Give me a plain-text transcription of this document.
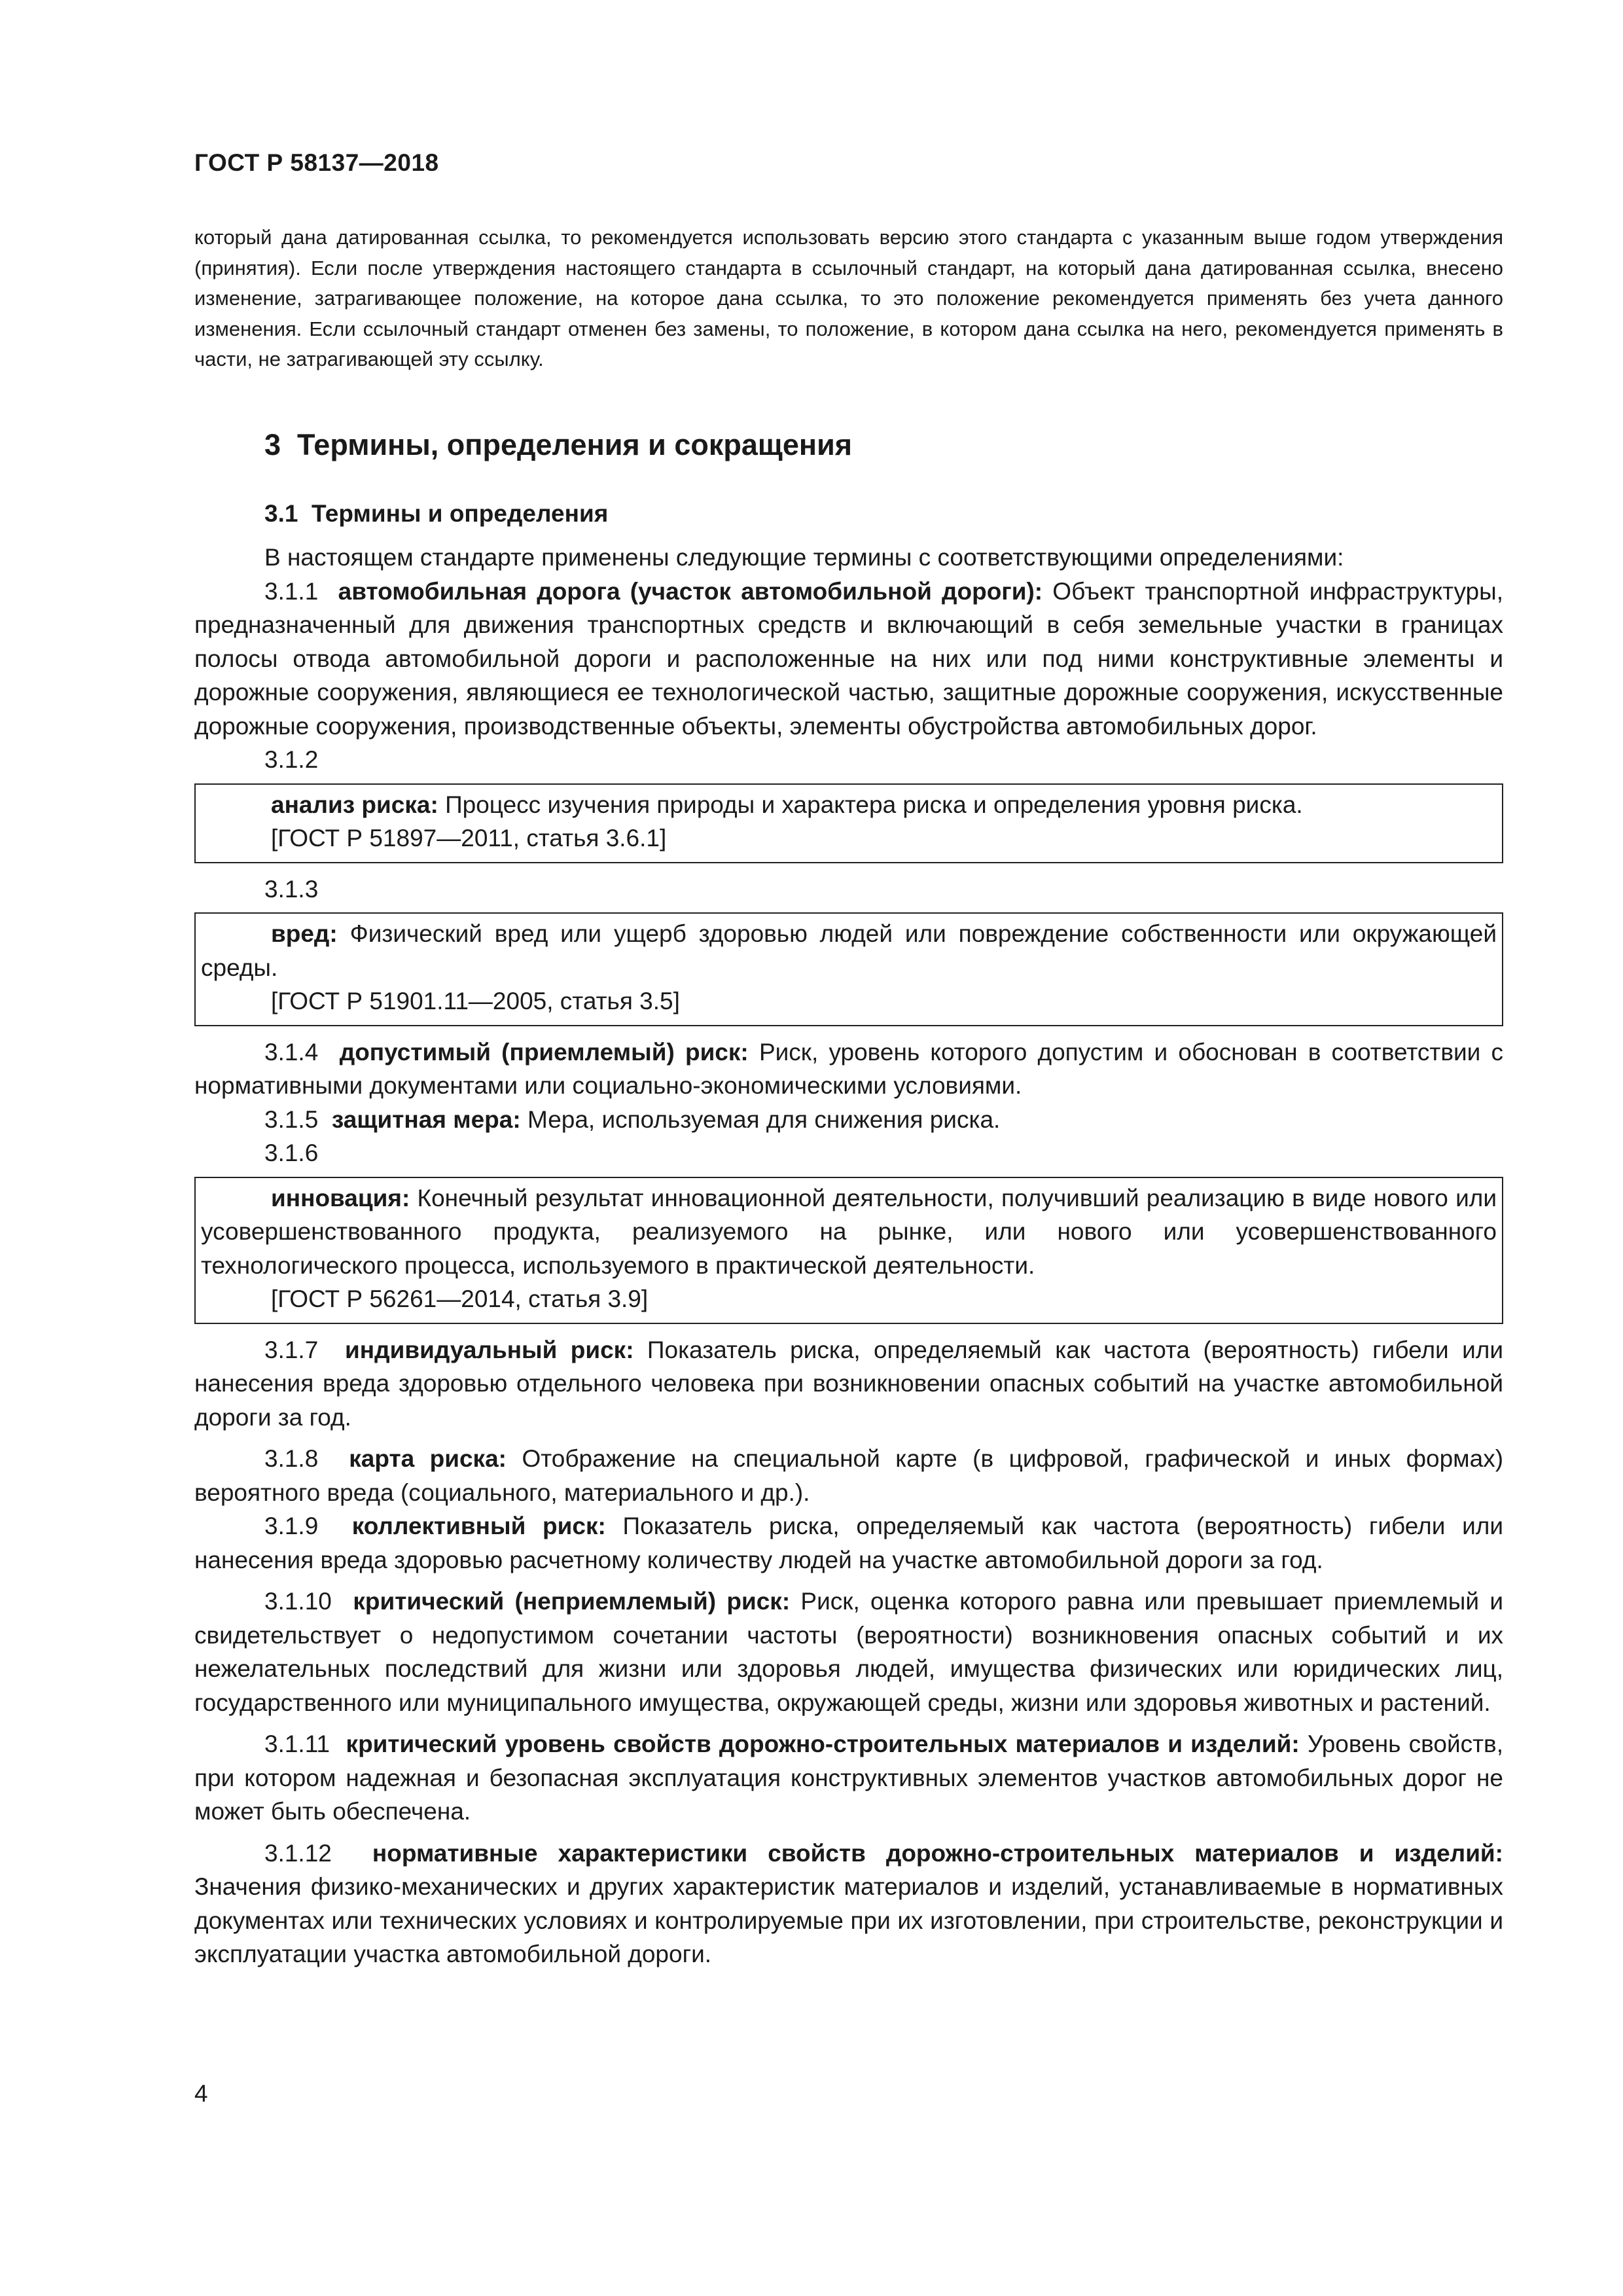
ГОСТ Р 58137—2018
который дана датированная ссылка, то рекомендуется использовать версию этого стандарта с указанным выше годом утверждения (принятия). Если после утверждения настоящего стандарта в ссылочный стандарт, на который дана датированная ссылка, внесено изменение, затрагивающее положение, на которое дана ссылка, то это положение рекомендуется применять без учета данного изменения. Если ссылочный стандарт отменен без замены, то положение, в котором дана ссылка на него, рекомендуется применять в части, не затрагивающей эту ссылку.
3 Термины, определения и сокращения
3.1 Термины и определения

В настоящем стандарте применены следующие термины с соответствующими определениями:

3.1.1 автомобильная дорога (участок автомобильной дороги): Объект транспортной инфраструктуры, предназначенный для движения транспортных средств и включающий в себя земельные участки в границах полосы отвода автомобильной дороги и расположенные на них или под ними конструктивные элементы и дорожные сооружения, являющиеся ее технологической частью, защитные дорожные сооружения, искусственные дорожные сооружения, производственные объекты, элементы обустройства автомобильных дорог.

3.1.2

анализ риска: Процесс изучения природы и характера риска и определения уровня риска.

[ГОСТ Р 51897—2011, статья 3.6.1]

3.1.3

вред: Физический вред или ущерб здоровью людей или повреждение собственности или окружающей среды.

[ГОСТ Р 51901.11—2005, статья 3.5]

3.1.4 допустимый (приемлемый) риск: Риск, уровень которого допустим и обоснован в соответствии с нормативными документами или социально-экономическими условиями.

3.1.5 защитная мера: Мера, используемая для снижения риска.

3.1.6

инновация: Конечный результат инновационной деятельности, получивший реализацию в виде нового или усовершенствованного продукта, реализуемого на рынке, или нового или усовершенствованного технологического процесса, используемого в практической деятельности.

[ГОСТ Р 56261—2014, статья 3.9]

3.1.7 индивидуальный риск: Показатель риска, определяемый как частота (вероятность) гибели или нанесения вреда здоровью отдельного человека при возникновении опасных событий на участке автомобильной дороги за год.

3.1.8 карта риска: Отображение на специальной карте (в цифровой, графической и иных формах) вероятного вреда (социального, материального и др.).

3.1.9 коллективный риск: Показатель риска, определяемый как частота (вероятность) гибели или нанесения вреда здоровью расчетному количеству людей на участке автомобильной дороги за год.

3.1.10 критический (неприемлемый) риск: Риск, оценка которого равна или превышает приемлемый и свидетельствует о недопустимом сочетании частоты (вероятности) возникновения опасных событий и их нежелательных последствий для жизни или здоровья людей, имущества физических или юридических лиц, государственного или муниципального имущества, окружающей среды, жизни или здоровья животных и растений.

3.1.11 критический уровень свойств дорожно-строительных материалов и изделий: Уровень свойств, при котором надежная и безопасная эксплуатация конструктивных элементов участков автомобильных дорог не может быть обеспечена.

3.1.12 нормативные характеристики свойств дорожно-строительных материалов и изделий: Значения физико-механических и других характеристик материалов и изделий, устанавливаемые в нормативных документах или технических условиях и контролируемые при их изготовлении, при строительстве, реконструкции и эксплуатации участка автомобильной дороги.

4
